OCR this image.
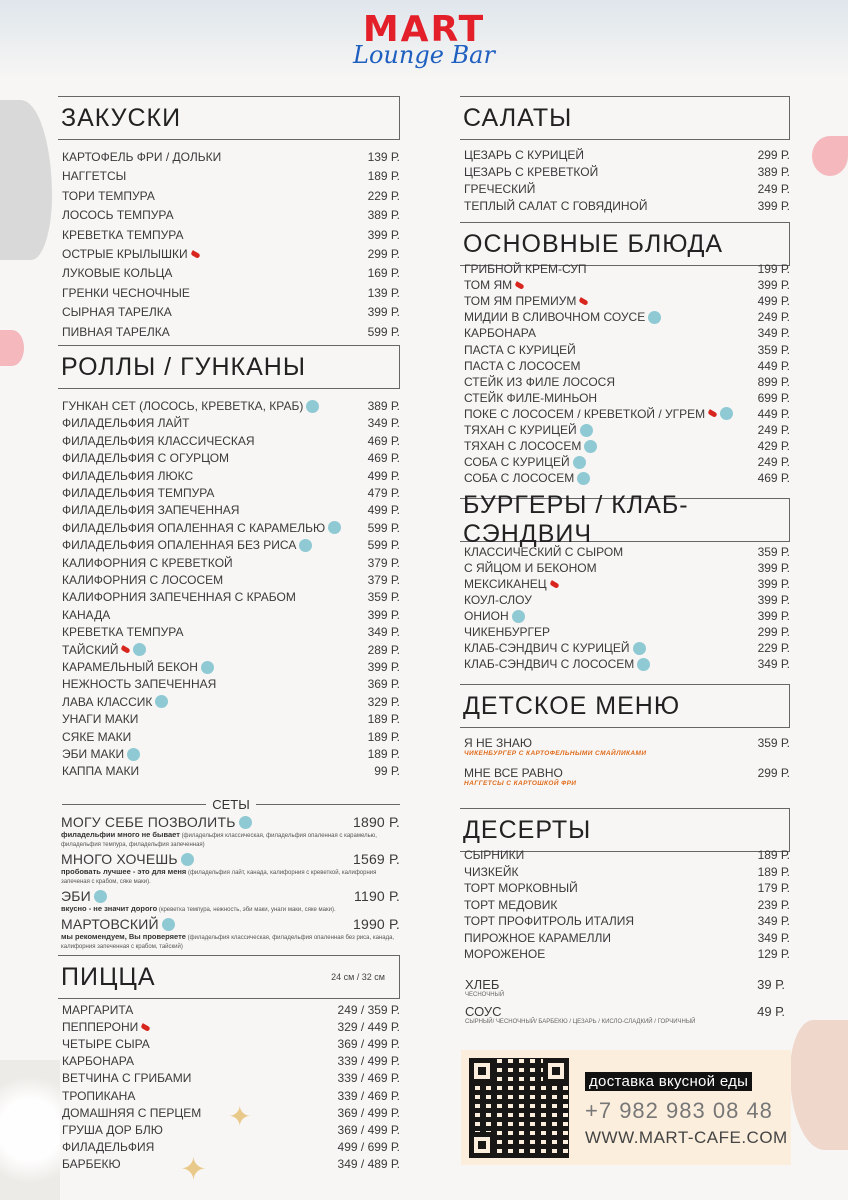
✦
✦
MART
Lounge Bar
ЗАКУСКИ
КАРТОФЕЛЬ ФРИ / ДОЛЬКИ	139 Р.
НАГГЕТСЫ	189 Р.
ТОРИ ТЕМПУРА	229 Р.
ЛОСОСЬ ТЕМПУРА	389 Р.
КРЕВЕТКА ТЕМПУРА	399 Р.
ОСТРЫЕ КРЫЛЫШКИ	299 Р.
ЛУКОВЫЕ КОЛЬЦА	169 Р.
ГРЕНКИ ЧЕСНОЧНЫЕ	139 Р.
СЫРНАЯ ТАРЕЛКА	399 Р.
ПИВНАЯ ТАРЕЛКА	599 Р.
РОЛЛЫ / ГУНКАНЫ
ГУНКАН СЕТ (ЛОСОСЬ, КРЕВЕТКА, КРАБ)	389 Р.
ФИЛАДЕЛЬФИЯ ЛАЙТ	349 Р.
ФИЛАДЕЛЬФИЯ КЛАССИЧЕСКАЯ	469 Р.
ФИЛАДЕЛЬФИЯ С ОГУРЦОМ	469 Р.
ФИЛАДЕЛЬФИЯ ЛЮКС	499 Р.
ФИЛАДЕЛЬФИЯ ТЕМПУРА	479 Р.
ФИЛАДЕЛЬФИЯ ЗАПЕЧЕННАЯ	499 Р.
ФИЛАДЕЛЬФИЯ ОПАЛЕННАЯ С КАРАМЕЛЬЮ	599 Р.
ФИЛАДЕЛЬФИЯ ОПАЛЕННАЯ БЕЗ РИСА	599 Р.
КАЛИФОРНИЯ С КРЕВЕТКОЙ	379 Р.
КАЛИФОРНИЯ С ЛОСОСЕМ	379 Р.
КАЛИФОРНИЯ ЗАПЕЧЕННАЯ С КРАБОМ	359 Р.
КАНАДА	399 Р.
КРЕВЕТКА ТЕМПУРА	349 Р.
ТАЙСКИЙ	289 Р.
КАРАМЕЛЬНЫЙ БЕКОН	399 Р.
НЕЖНОСТЬ ЗАПЕЧЕННАЯ	369 Р.
ЛАВА КЛАССИК	329 Р.
УНАГИ МАКИ	189 Р.
СЯКЕ МАКИ	189 Р.
ЭБИ МАКИ	189 Р.
КАППА МАКИ	99 Р.
СЕТЫ
МОГУ СЕБЕ ПОЗВОЛИТЬ	1890 Р.
филадельфии много не бывает (филадельфия классическая, филадельфия опаленная с карамелью, филадельфия темпура, филадельфия запеченная)
МНОГО ХОЧЕШЬ	1569 Р.
пробовать лучшее - это для меня (филадельфия лайт, канада, калифорния с креветкой, калифорния запеченая с крабом, сяке маки).
ЭБИ	1190 Р.
вкусно - не значит дорого (креветка темпура, нежность, эби маки, унаги маки, сяке маки).
МАРТОВСКИЙ	1990 Р.
мы рекомендуем, Вы проверяете (филадельфия классическая, филадельфия опаленная без риса, канада, калифорния запеченная с крабом, тайский)
ПИЦЦА	24 см / 32 см
МАРГАРИТА	249 / 359 Р.
ПЕППЕРОНИ	329 / 449 Р.
ЧЕТЫРЕ СЫРА	369 / 499 Р.
КАРБОНАРА	339 / 499 Р.
ВЕТЧИНА С ГРИБАМИ	339 / 469 Р.
ТРОПИКАНА	339 / 469 Р.
ДОМАШНЯЯ С ПЕРЦЕМ	369 / 499 Р.
ГРУША ДОР БЛЮ	369 / 499 Р.
ФИЛАДЕЛЬФИЯ	499 / 699 Р.
БАРБЕКЮ	349 / 489 Р.
САЛАТЫ
ЦЕЗАРЬ С КУРИЦЕЙ	299 Р.
ЦЕЗАРЬ С КРЕВЕТКОЙ	389 Р.
ГРЕЧЕСКИЙ	249 Р.
ТЕПЛЫЙ САЛАТ С ГОВЯДИНОЙ	399 Р.
ОСНОВНЫЕ БЛЮДА
ГРИБНОЙ КРЕМ-СУП	199 Р.
ТОМ ЯМ	399 Р.
ТОМ ЯМ ПРЕМИУМ	499 Р.
МИДИИ В СЛИВОЧНОМ СОУСЕ	249 Р.
КАРБОНАРА	349 Р.
ПАСТА С КУРИЦЕЙ	359 Р.
ПАСТА С ЛОСОСЕМ	449 Р.
СТЕЙК ИЗ ФИЛЕ ЛОСОСЯ	899 Р.
СТЕЙК ФИЛЕ-МИНЬОН	699 Р.
ПОКЕ С ЛОСОСЕМ / КРЕВЕТКОЙ / УГРЕМ	449 Р.
ТЯХАН С КУРИЦЕЙ	249 Р.
ТЯХАН С ЛОСОСЕМ	429 Р.
СОБА С КУРИЦЕЙ	249 Р.
СОБА С ЛОСОСЕМ	469 Р.
БУРГЕРЫ / КЛАБ-СЭНДВИЧ
КЛАССИЧЕСКИЙ С СЫРОМ	359 Р.
С ЯЙЦОМ И БЕКОНОМ	399 Р.
МЕКСИКАНЕЦ	399 Р.
КОУЛ-СЛОУ	399 Р.
ОНИОН	399 Р.
ЧИКЕНБУРГЕР	299 Р.
КЛАБ-СЭНДВИЧ С КУРИЦЕЙ	229 Р.
КЛАБ-СЭНДВИЧ С ЛОСОСЕМ	349 Р.
ДЕТСКОЕ МЕНЮ
Я НЕ ЗНАЮ	359 Р.
ЧИКЕНБУРГЕР С КАРТОФЕЛЬНЫМИ СМАЙЛИКАМИ
МНЕ ВСЕ РАВНО	299 Р.
НАГГЕТСЫ С КАРТОШКОЙ ФРИ
ДЕСЕРТЫ
СЫРНИКИ	189 Р.
ЧИЗКЕЙК	189 Р.
ТОРТ МОРКОВНЫЙ	179 Р.
ТОРТ МЕДОВИК	239 Р.
ТОРТ ПРОФИТРОЛЬ ИТАЛИЯ	349 Р.
ПИРОЖНОЕ КАРАМЕЛЛИ	349 Р.
МОРОЖЕНОЕ	129 Р.
ХЛЕБ	39 Р.
ЧЕСНОЧНЫЙ
СОУС	49 Р.
СЫРНЫЙ/ ЧЕСНОЧНЫЙ/ БАРБЕКЮ / ЦЕЗАРЬ / КИСЛО-СЛАДКИЙ / ГОРЧИЧНЫЙ
доставка вкусной еды
+7 982 983 08 48
WWW.MART-CAFE.COM
